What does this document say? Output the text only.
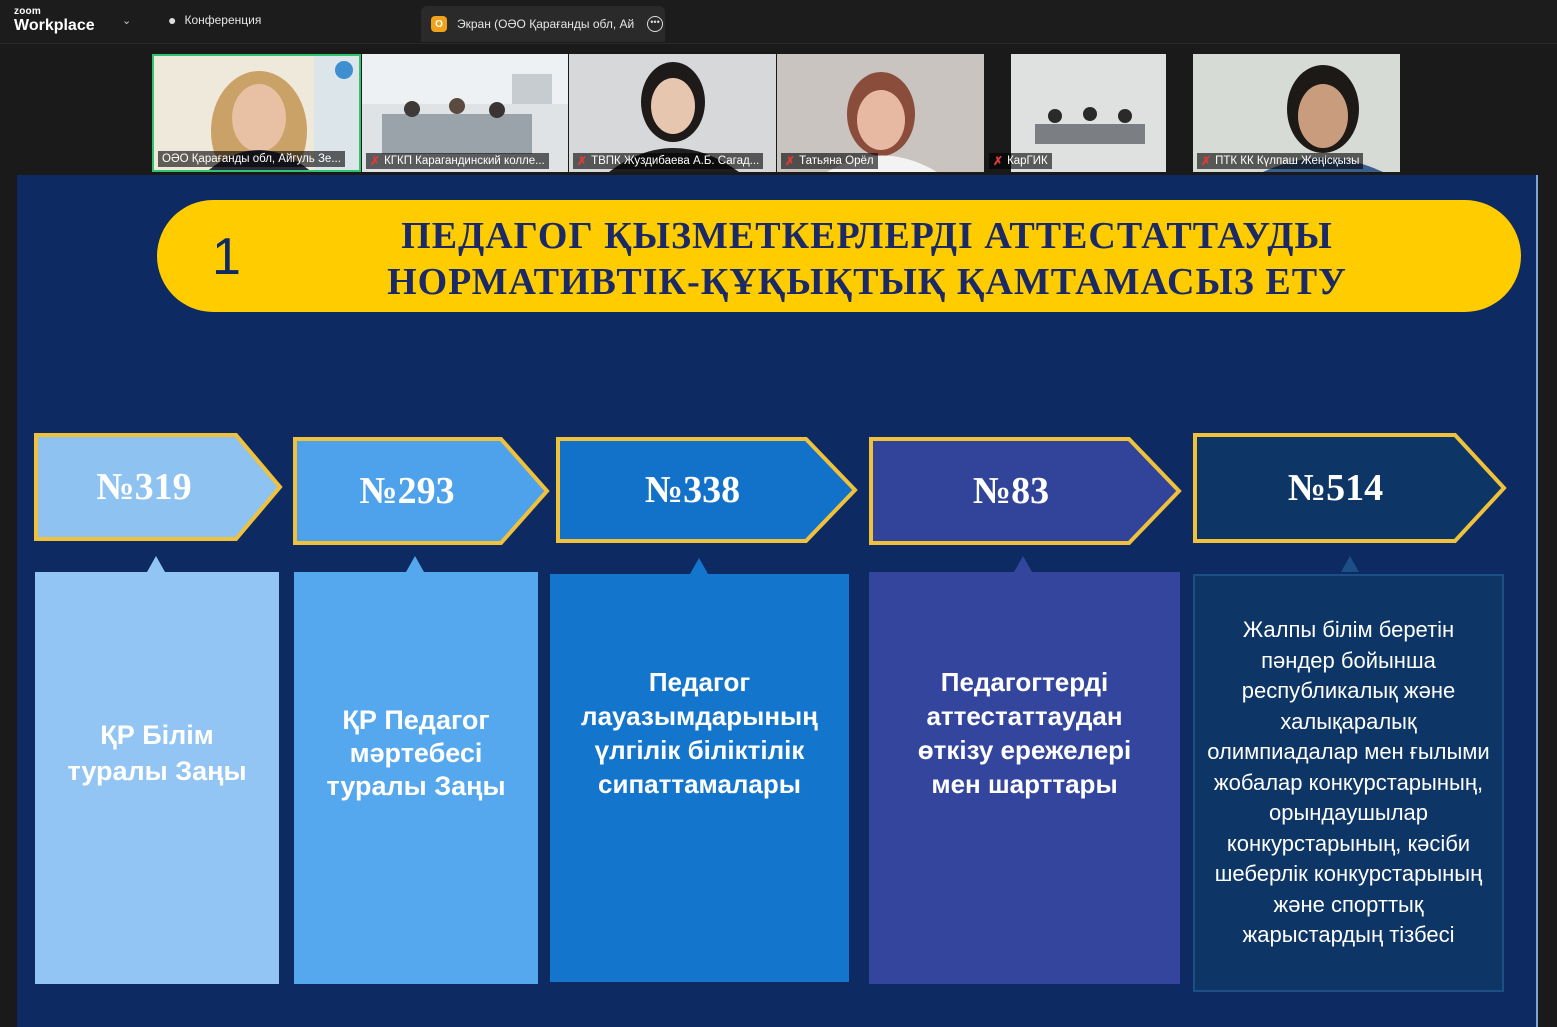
zoom
Workplace ⌄	● Конференция	O	Экран (ОӘО Қарағанды обл, Ай	•••
ОӘО Қарағанды обл, Айгуль Зе... ✗ КГКП Карагандинский колле...	✗ ТВПК Жуздибаева А.Б. Сагад... ✗ Татьяна Орёл	✗ КарГИК	✗ ПТК КК Күлпаш Жеңісқызы
1	ПЕДАГОГ ҚЫЗМЕТКЕРЛЕРДІ АТТЕСТАТТАУДЫ
НОРМАТИВТІК-ҚҰҚЫҚТЫҚ ҚАМТАМАСЫЗ ЕТУ
№319	№293	№338	№83	№514
ҚР Білім туралы Заңы
ҚР Педагог мәртебесі туралы Заңы
Педагог лауазымдарының үлгілік біліктілік сипаттамалары
Педагогтерді аттестаттаудан өткізу ережелері мен шарттары
Жалпы білім беретін пәндер бойынша республикалық және халықаралық олимпиадалар мен ғылыми жобалар конкурстарының, орындаушылар конкурстарының, кәсіби шеберлік конкурстарының және спорттық жарыстардың тізбесі
